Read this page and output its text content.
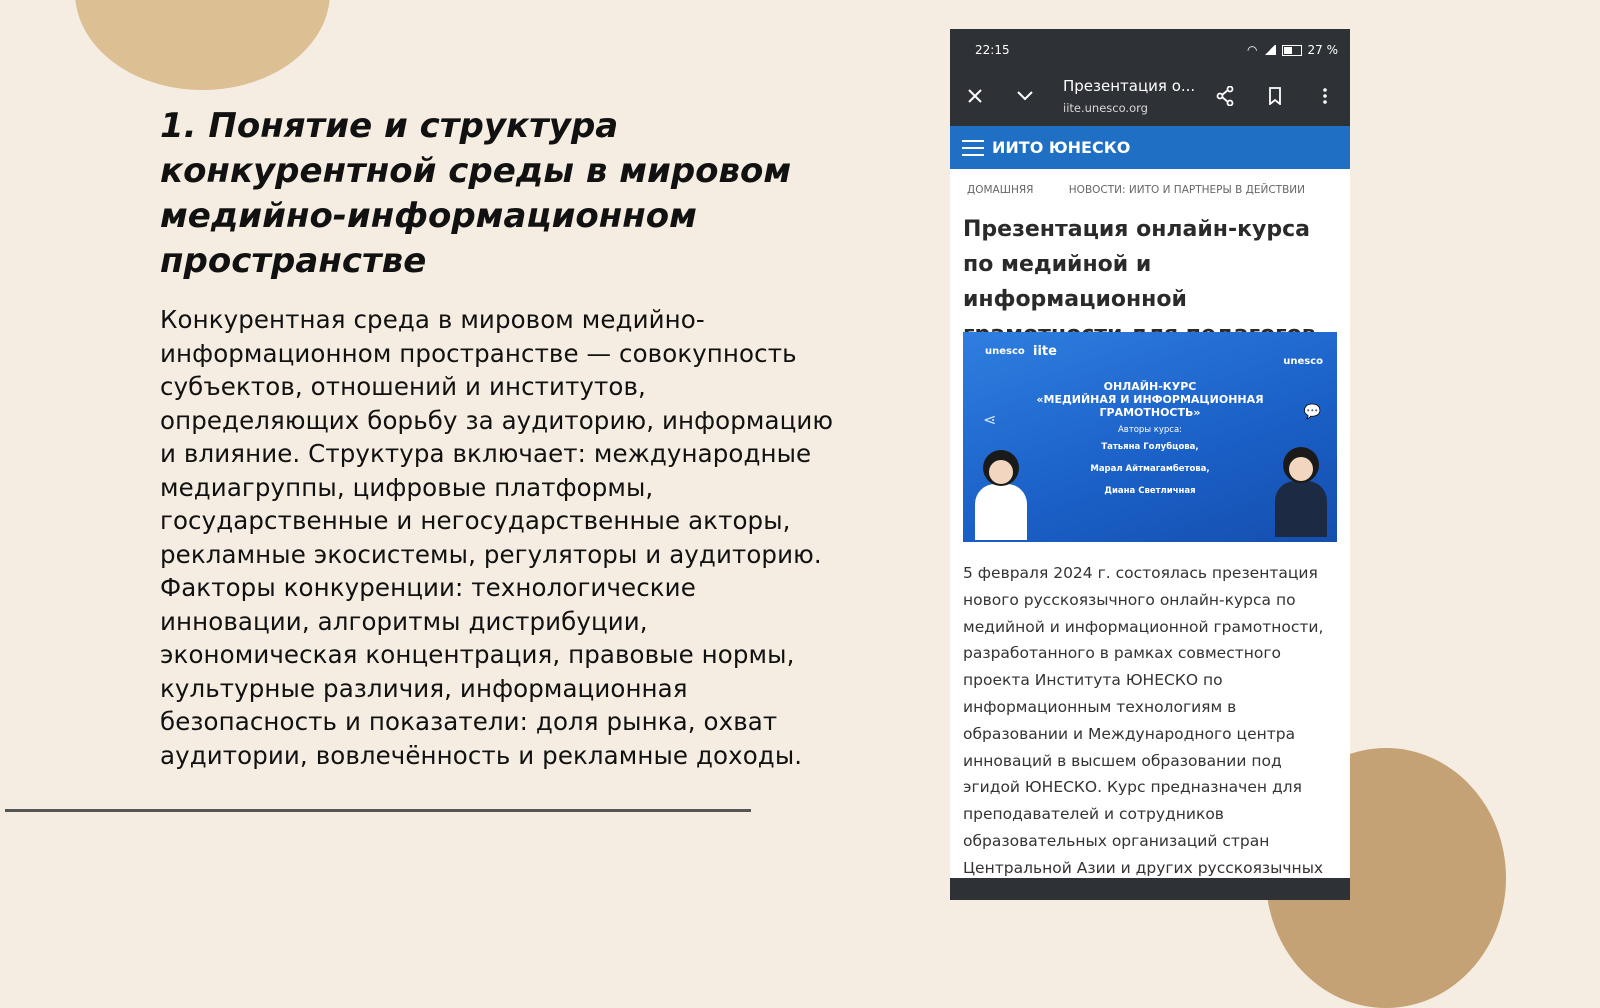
1. Понятие и структура конкурентной среды в мировом медийно-информационном пространстве

Конкурентная среда в мировом медийно-информационном пространстве — совокупность субъектов, отношений и институтов, определяющих борьбу за аудиторию, информацию и влияние. Структура включает: международные медиагруппы, цифровые платформы, государственные и негосударственные акторы, рекламные экосистемы, регуляторы и аудиторию. Факторы конкуренции: технологические инновации, алгоритмы дистрибуции, экономическая концентрация, правовые нормы, культурные различия, информационная безопасность и показатели: доля рынка, охват аудитории, вовлечённость и рекламные доходы.

22:15	◠	27 %
Презентация о...
iite.unesco.org
ИИТО ЮНЕСКО
ДОМАШНЯЯ	НОВОСТИ: ИИТО И ПАРТНЕРЫ В ДЕЙСТВИИ
Презентация онлайн-курса по медийной и информационной
unesco iite
unesco
ОНЛАЙН-КУРС
«МЕДИЙНАЯ И ИНФОРМАЦИОННАЯ ГРАМОТНОСТЬ»
Авторы курса:
Татьяна Голубцова,
Марал Айтмагамбетова,
Диана Светличная
⋖	💬

5 февраля 2024 г. состоялась презентация нового русскоязычного онлайн-курса по медийной и информационной грамотности, разработанного в рамках совместного проекта Института ЮНЕСКО по информационным технологиям в образовании и Международного центра инноваций в высшем образовании под эгидой ЮНЕСКО. Курс предназначен для преподавателей и сотрудников образовательных организаций стран Центральной Азии и других русскоязычных
